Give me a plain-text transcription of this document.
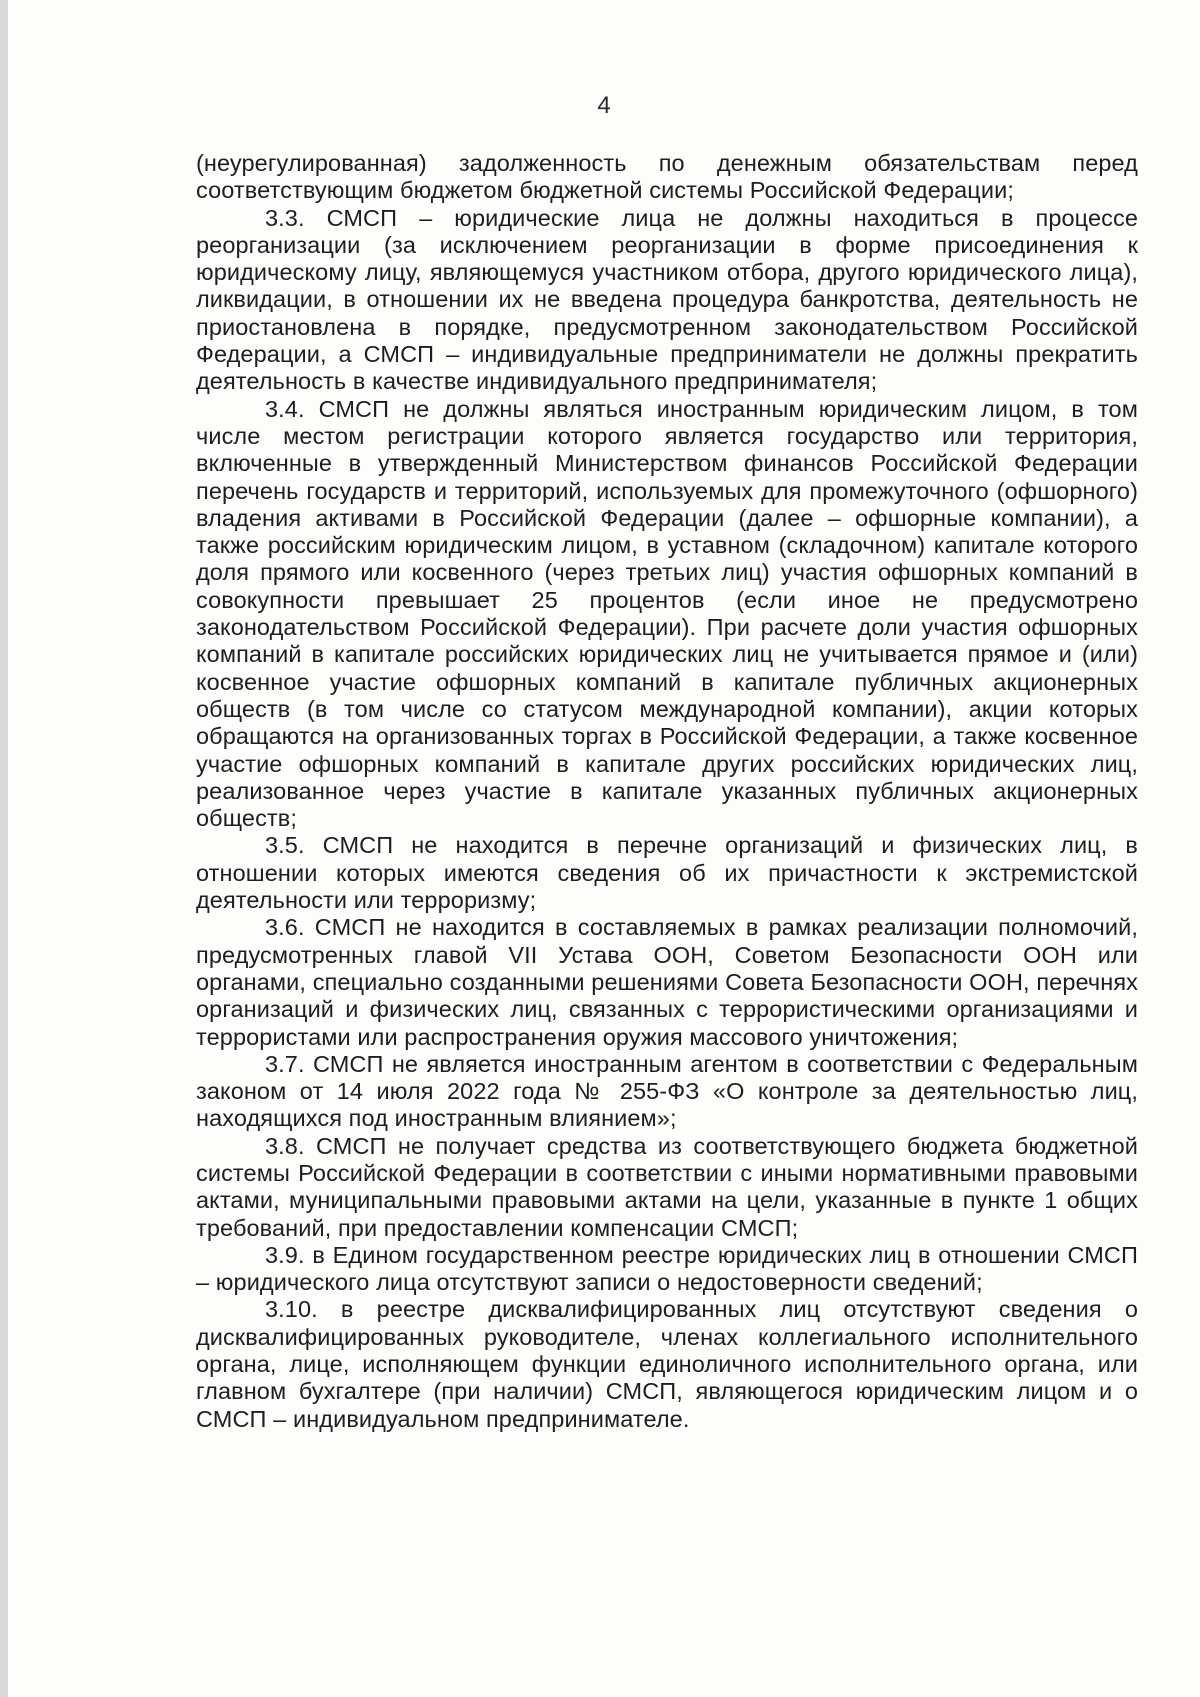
4

(неурегулированная) задолженность по денежным обязательствам перед соответствующим бюджетом бюджетной системы Российской Федерации;

3.3. СМСП – юридические лица не должны находиться в процессе реорганизации (за исключением реорганизации в форме присоединения к юридическому лицу, являющемуся участником отбора, другого юридического лица), ликвидации, в отношении их не введена процедура банкротства, деятельность не приостановлена в порядке, предусмотренном законодательством Российской Федерации, а СМСП – индивидуальные предприниматели не должны прекратить деятельность в качестве индивидуального предпринимателя;

3.4. СМСП не должны являться иностранным юридическим лицом, в том числе местом регистрации которого является государство или территория, включенные в утвержденный Министерством финансов Российской Федерации перечень государств и территорий, используемых для промежуточного (офшорного) владения активами в Российской Федерации (далее – офшорные компании), а также российским юридическим лицом, в уставном (складочном) капитале которого доля прямого или косвенного (через третьих лиц) участия офшорных компаний в совокупности превышает 25 процентов (если иное не предусмотрено законодательством Российской Федерации). При расчете доли участия офшорных компаний в капитале российских юридических лиц не учитывается прямое и (или) косвенное участие офшорных компаний в капитале публичных акционерных обществ (в том числе со статусом международной компании), акции которых обращаются на организованных торгах в Российской Федерации, а также косвенное участие офшорных компаний в капитале других российских юридических лиц, реализованное через участие в капитале указанных публичных акционерных обществ;

3.5. СМСП не находится в перечне организаций и физических лиц, в отношении которых имеются сведения об их причастности к экстремистской деятельности или терроризму;

3.6. СМСП не находится в составляемых в рамках реализации полномочий, предусмотренных главой VII Устава ООН, Советом Безопасности ООН или органами, специально созданными решениями Совета Безопасности ООН, перечнях организаций и физических лиц, связанных с террористическими организациями и террористами или распространения оружия массового уничтожения;

3.7. СМСП не является иностранным агентом в соответствии с Федеральным законом от 14 июля 2022 года № 255-ФЗ «О контроле за деятельностью лиц, находящихся под иностранным влиянием»;

3.8. СМСП не получает средства из соответствующего бюджета бюджетной системы Российской Федерации в соответствии с иными нормативными правовыми актами, муниципальными правовыми актами на цели, указанные в пункте 1 общих требований, при предоставлении компенсации СМСП;

3.9. в Едином государственном реестре юридических лиц в отношении СМСП – юридического лица отсутствуют записи о недостоверности сведений;

3.10. в реестре дисквалифицированных лиц отсутствуют сведения о дисквалифицированных руководителе, членах коллегиального исполнительного органа, лице, исполняющем функции единоличного исполнительного органа, или главном бухгалтере (при наличии) СМСП, являющегося юридическим лицом и о СМСП – индивидуальном предпринимателе.
